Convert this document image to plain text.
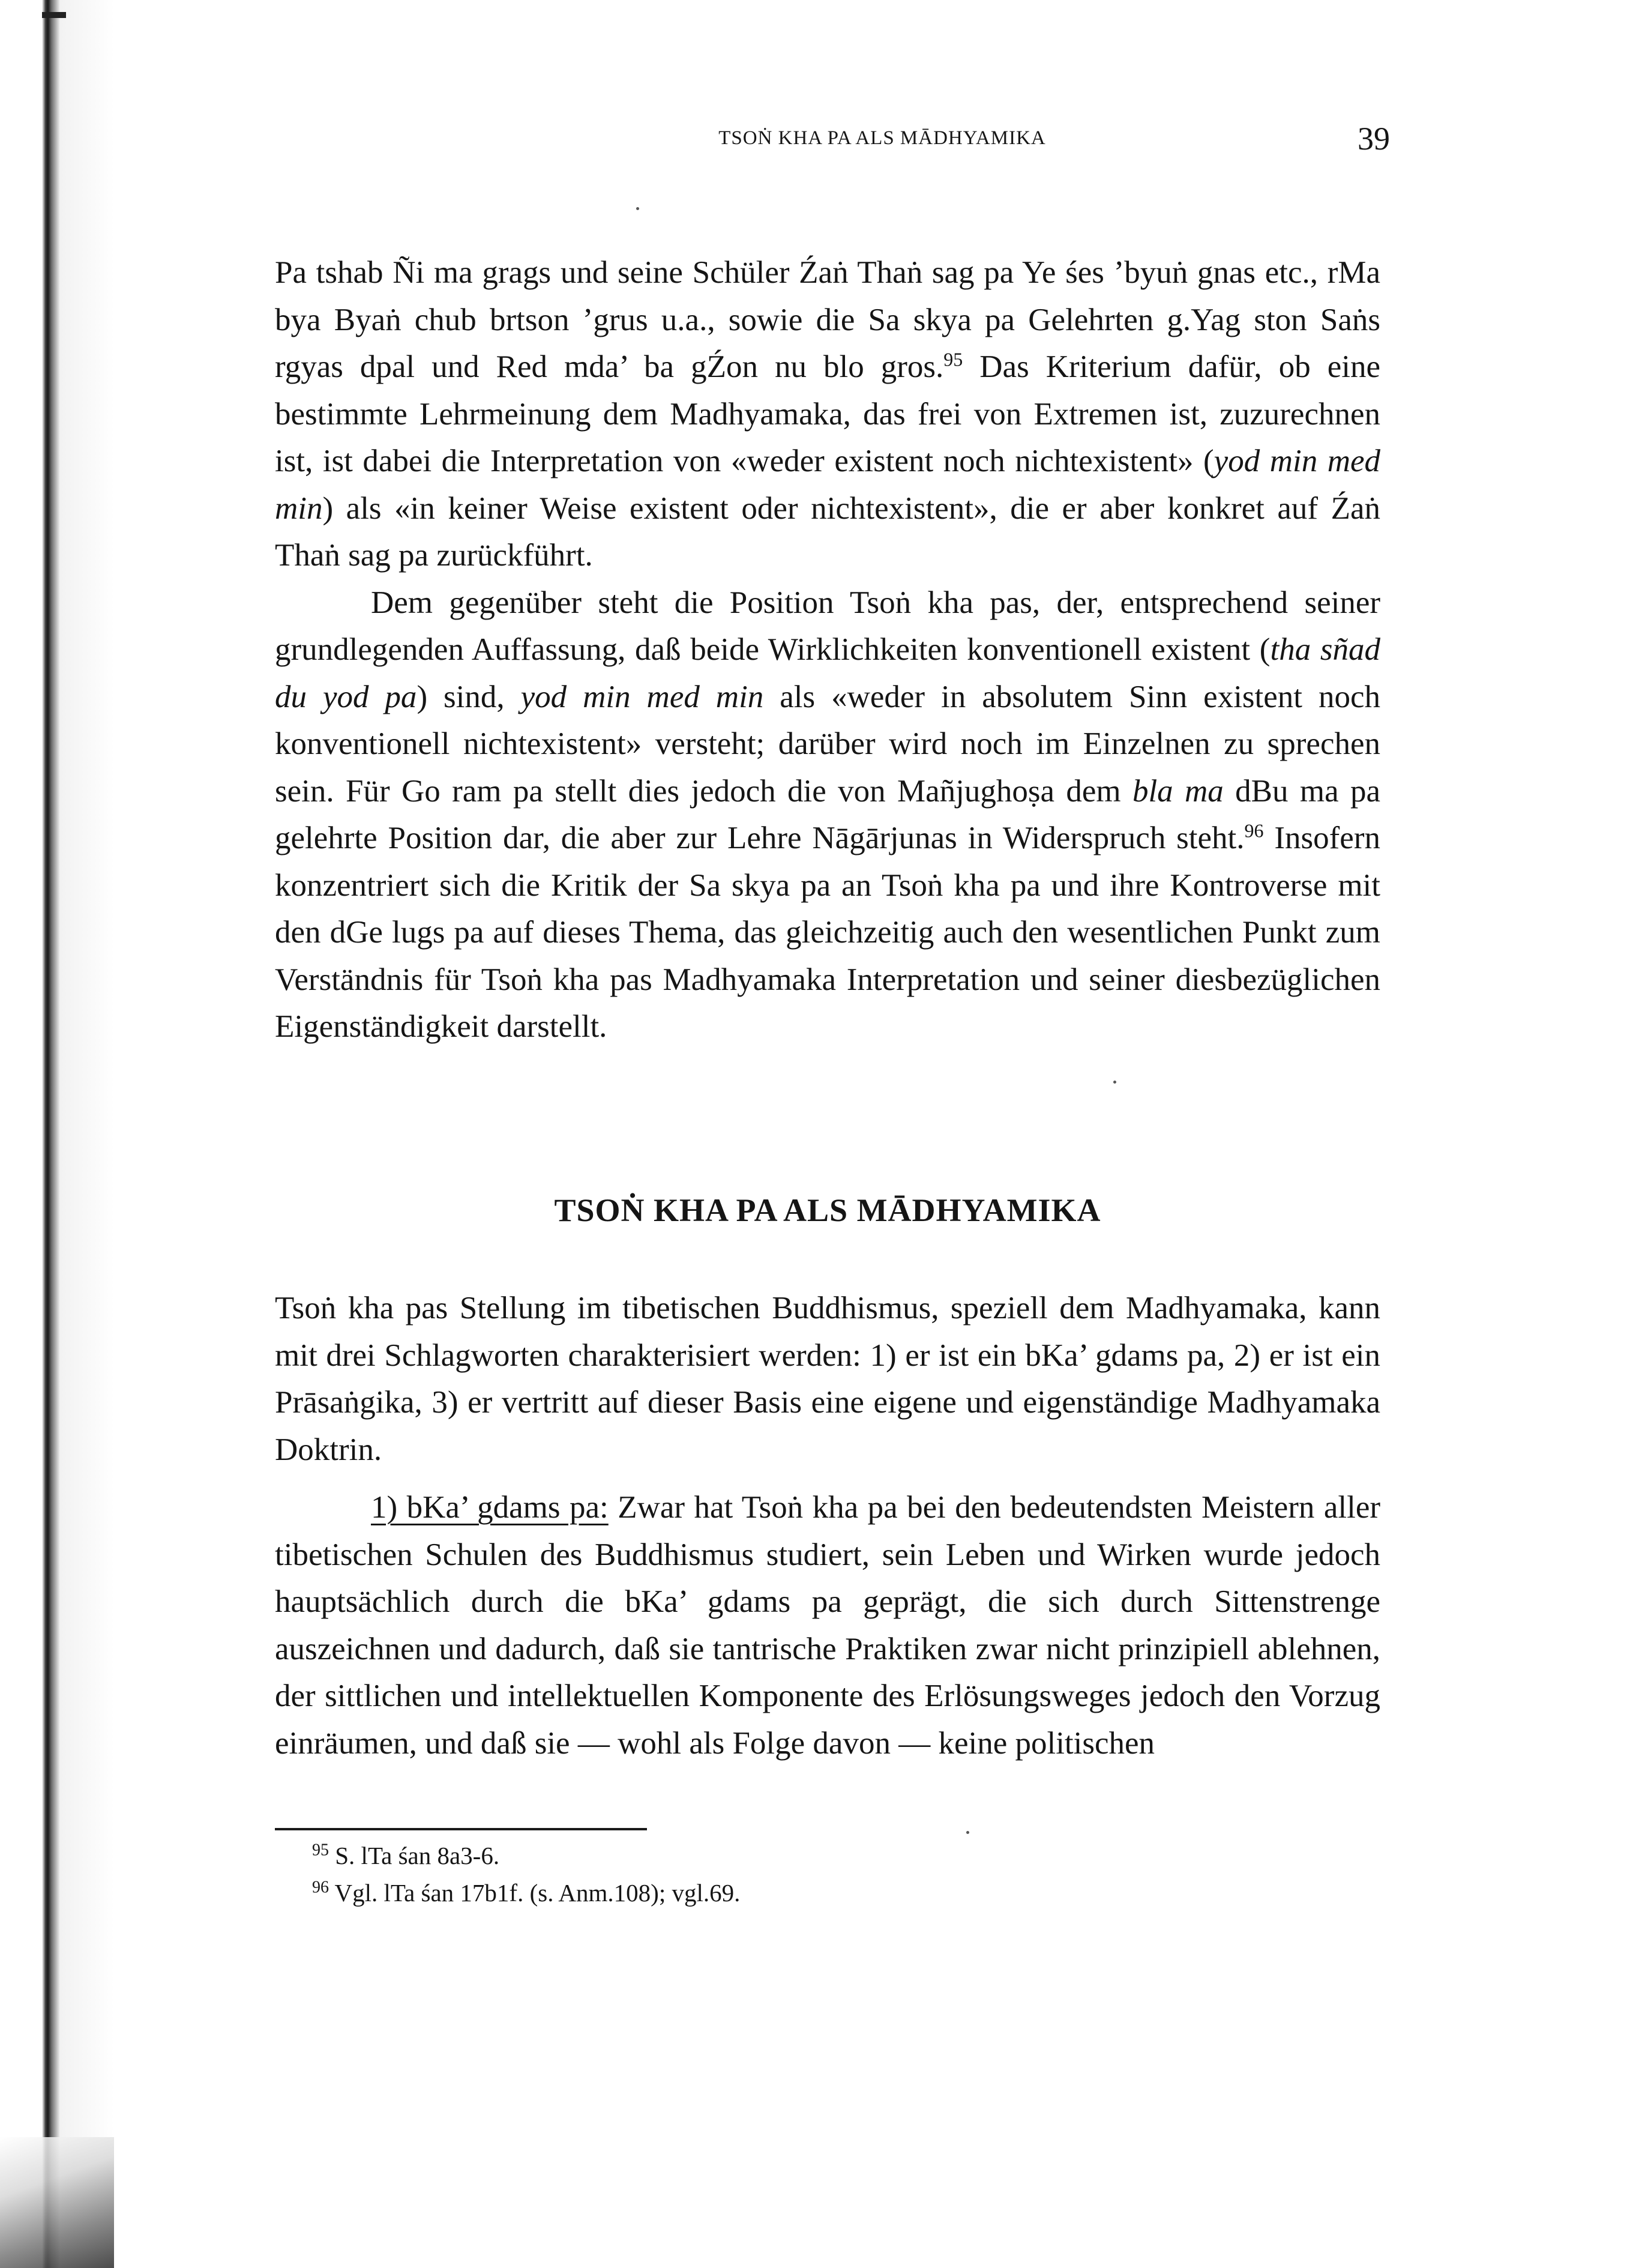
TSOṄ KHA PA ALS MĀDHYAMIKA	39

Pa tshab Ñi ma grags und seine Schüler Źaṅ Thaṅ sag pa Ye śes ’byuṅ gnas etc., rMa bya Byaṅ chub brtson ’grus u.a., sowie die Sa skya pa Gelehrten g.Yag ston Saṅs rgyas dpal und Red mda’ ba gŹon nu blo gros.$^{95}$ Das Kriterium dafür, ob eine bestimmte Lehrmeinung dem Madhyamaka, das frei von Extremen ist, zuzurechnen ist, ist dabei die Interpretation von «weder existent noch nichtexistent» (yod min med min) als «in keiner Weise existent oder nichtexistent», die er aber konkret auf Źaṅ Thaṅ sag pa zurückführt.

Dem gegenüber steht die Position Tsoṅ kha pas, der, entsprechend seiner grundlegenden Auffassung, daß beide Wirklichkeiten konventionell existent (tha sñad du yod pa) sind, yod min med min als «weder in absolutem Sinn existent noch konventionell nichtexistent» versteht; darüber wird noch im Einzelnen zu sprechen sein. Für Go ram pa stellt dies jedoch die von Mañjughoṣa dem bla ma dBu ma pa gelehrte Position dar, die aber zur Lehre Nāgārjunas in Widerspruch steht.$^{96}$ Insofern konzentriert sich die Kritik der Sa skya pa an Tsoṅ kha pa und ihre Kontroverse mit den dGe lugs pa auf dieses Thema, das gleichzeitig auch den wesentlichen Punkt zum Verständnis für Tsoṅ kha pas Madhyamaka Interpretation und seiner diesbezüglichen Eigenständigkeit darstellt.

TSOṄ KHA PA ALS MĀDHYAMIKA

Tsoṅ kha pas Stellung im tibetischen Buddhismus, speziell dem Madhyamaka, kann mit drei Schlagworten charakterisiert werden: 1) er ist ein bKa’ gdams pa, 2) er ist ein Prāsaṅgika, 3) er vertritt auf dieser Basis eine eigene und eigenständige Madhyamaka Doktrin.

1) bKa’ gdams pa: Zwar hat Tsoṅ kha pa bei den bedeutendsten Meistern aller tibetischen Schulen des Buddhismus studiert, sein Leben und Wirken wurde jedoch hauptsächlich durch die bKa’ gdams pa geprägt, die sich durch Sittenstrenge auszeichnen und dadurch, daß sie tantrische Praktiken zwar nicht prinzipiell ablehnen, der sittlichen und intellektuellen Komponente des Erlösungsweges jedoch den Vorzug einräumen, und daß sie — wohl als Folge davon — keine politischen

$^{95}$ S. lTa śan 8a3-6.

$^{96}$ Vgl. lTa śan 17b1f. (s. Anm.108); vgl.69.
